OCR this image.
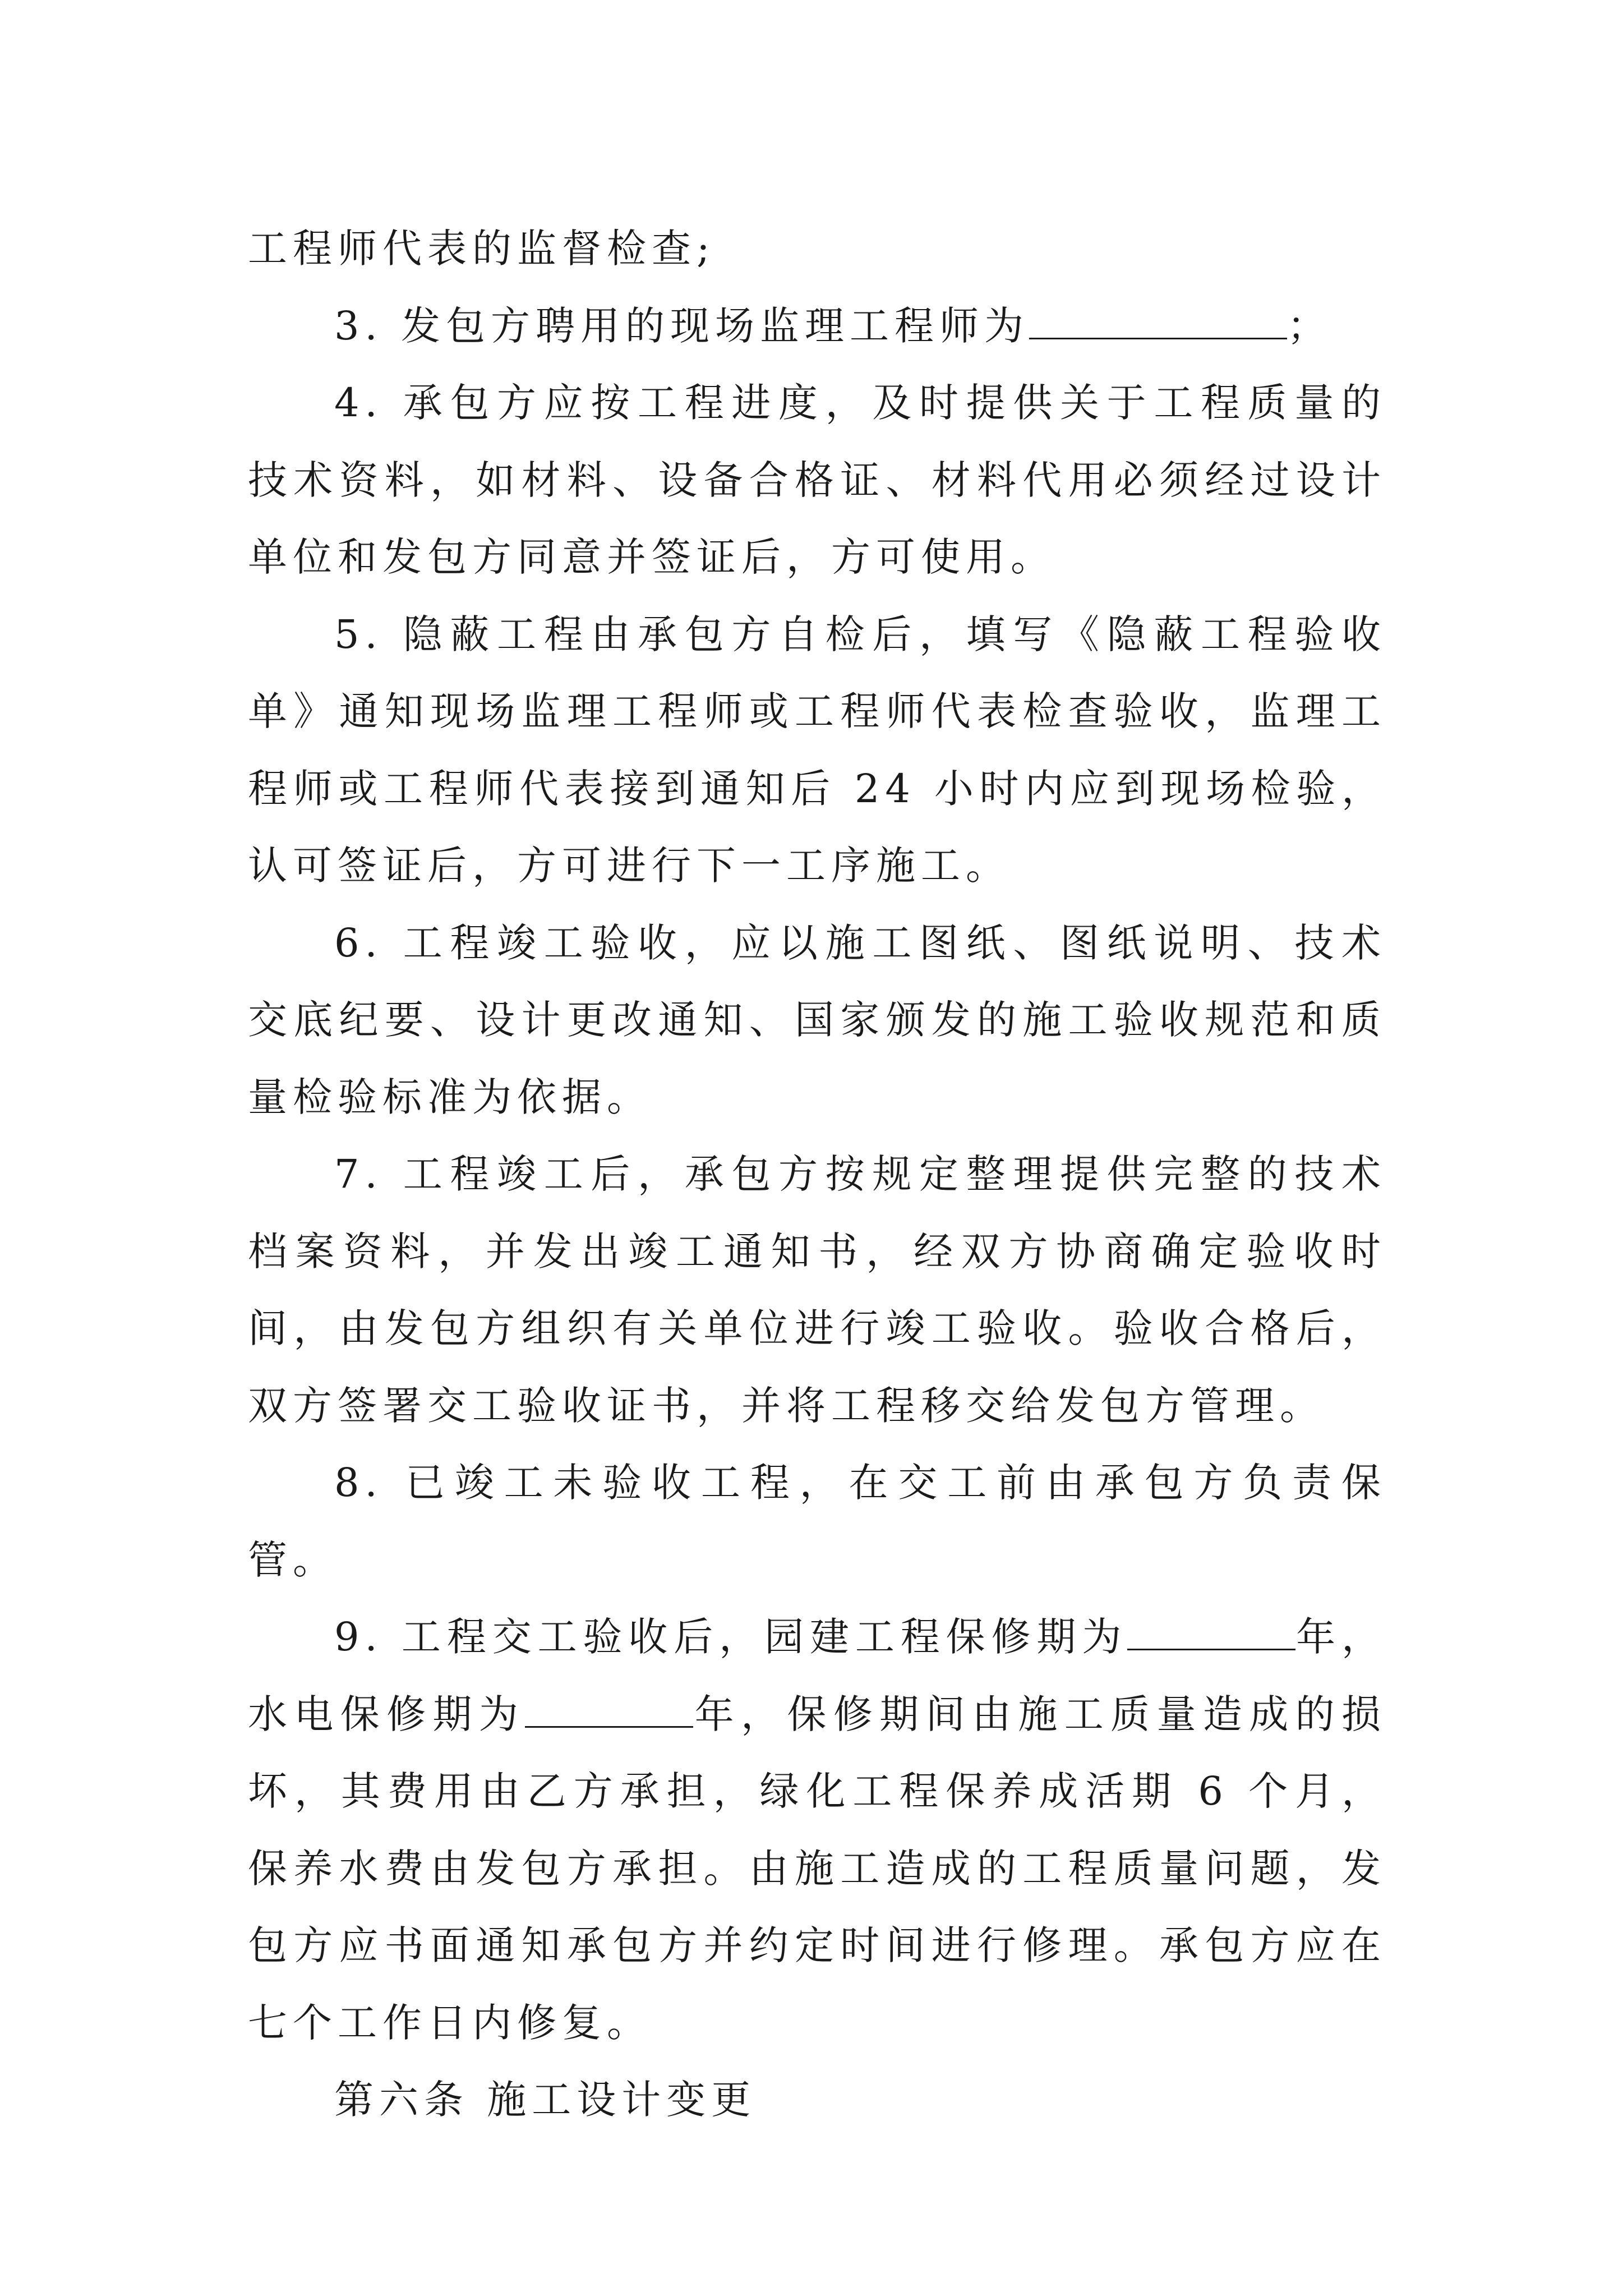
工程师代表的监督检查;

3. 发包方聘用的现场监理工程师为	；

4. 承包方应按工程进度，及时提供关于工程质量的技术资料，如材料、设备合格证、材料代用必须经过设计单位和发包方同意并签证后，方可使用。

5. 隐蔽工程由承包方自检后，填写《隐蔽工程验收单》通知现场监理工程师或工程师代表检查验收，监理工程师或工程师代表接到通知后 24 小时内应到现场检验，认可签证后，方可进行下一工序施工。

6. 工程竣工验收，应以施工图纸、图纸说明、技术交底纪要、设计更改通知、国家颁发的施工验收规范和质量检验标准为依据。

7. 工程竣工后，承包方按规定整理提供完整的技术档案资料，并发出竣工通知书，经双方协商确定验收时间，由发包方组织有关单位进行竣工验收。验收合格后，双方签署交工验收证书，并将工程移交给发包方管理。

8. 已竣工未验收工程，在交工前由承包方负责保管。

9. 工程交工验收后，园建工程保修期为	年，水电保修期为	年，保修期间由施工质量造成的损坏，其费用由乙方承担，绿化工程保养成活期 6 个月，保养水费由发包方承担。由施工造成的工程质量问题，发包方应书面通知承包方并约定时间进行修理。承包方应在七个工作日内修复。

第六条 施工设计变更
